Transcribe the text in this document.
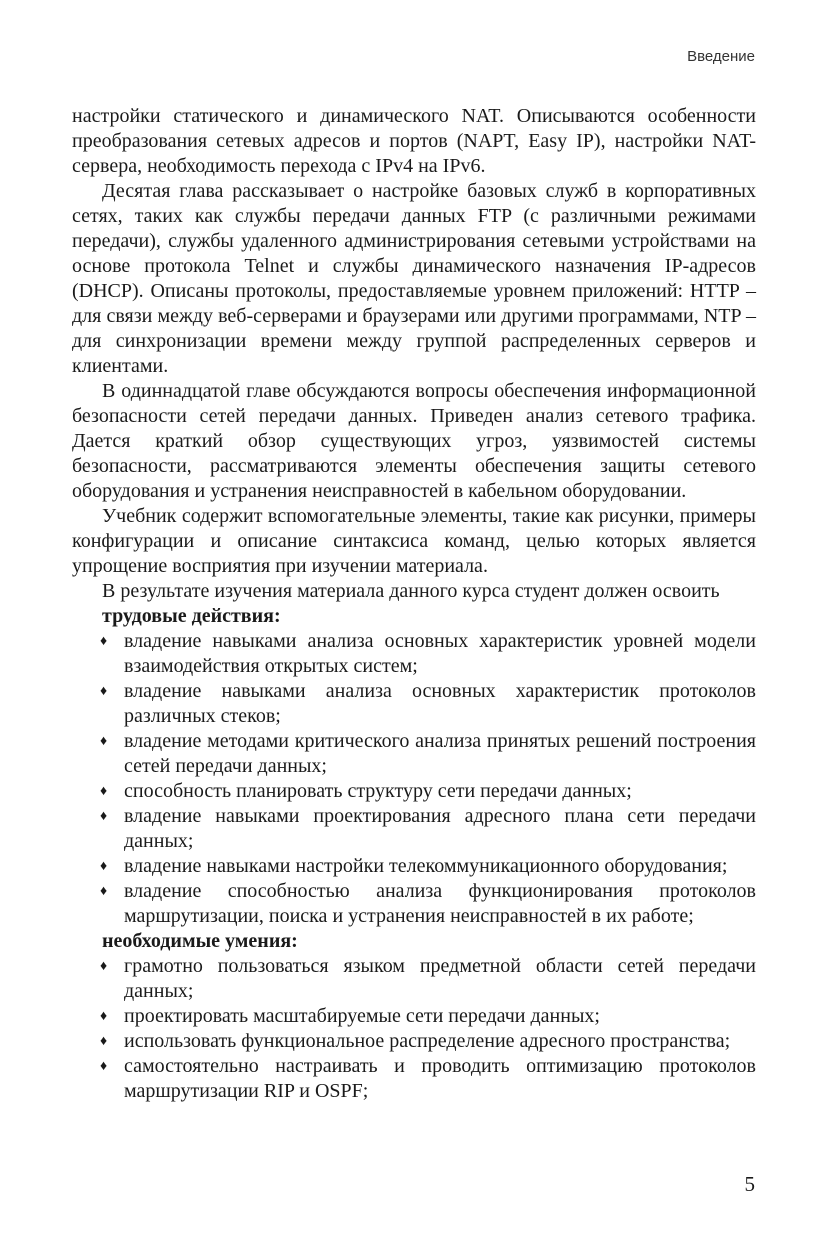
Введение

настройки статического и динамического NAT. Описываются особенности преобразования сетевых адресов и портов (NAPT, Easy IP), настройки NAT-сервера, необходимость перехода с IPv4 на IPv6.

Десятая глава рассказывает о настройке базовых служб в корпоративных сетях, таких как службы передачи данных FTP (с различными режимами передачи), службы удаленного администрирования сетевыми устройствами на основе протокола Telnet и службы динамического назначения IP-адресов (DHCP). Описаны протоколы, предоставляемые уровнем приложений: HTTP – для связи между веб-серверами и браузерами или другими программами, NTP – для синхронизации времени между группой распределенных серверов и клиентами.

В одиннадцатой главе обсуждаются вопросы обеспечения информационной безопасности сетей передачи данных. Приведен анализ сетевого трафика. Дается краткий обзор существующих угроз, уязвимостей системы безопасности, рассматриваются элементы обеспечения защиты сетевого оборудования и устранения неисправностей в кабельном оборудовании.

Учебник содержит вспомогательные элементы, такие как рисунки, примеры конфигурации и описание синтаксиса команд, целью которых является упрощение восприятия при изучении материала.

В результате изучения материала данного курса студент должен освоить

трудовые действия:
♦ владение навыками анализа основных характеристик уровней модели взаимодействия открытых систем;
♦ владение навыками анализа основных характеристик протоколов различных стеков;
♦ владение методами критического анализа принятых решений построения сетей передачи данных;
♦ способность планировать структуру сети передачи данных;
♦ владение навыками проектирования адресного плана сети передачи данных;
♦ владение навыками настройки телекоммуникационного оборудования;
♦ владение способностью анализа функционирования протоколов маршрутизации, поиска и устранения неисправностей в их работе;
необходимые умения:
♦ грамотно пользоваться языком предметной области сетей передачи данных;
♦ проектировать масштабируемые сети передачи данных;
♦ использовать функциональное распределение адресного пространства;
♦ самостоятельно настраивать и проводить оптимизацию протоколов маршрутизации RIP и OSPF;
5
